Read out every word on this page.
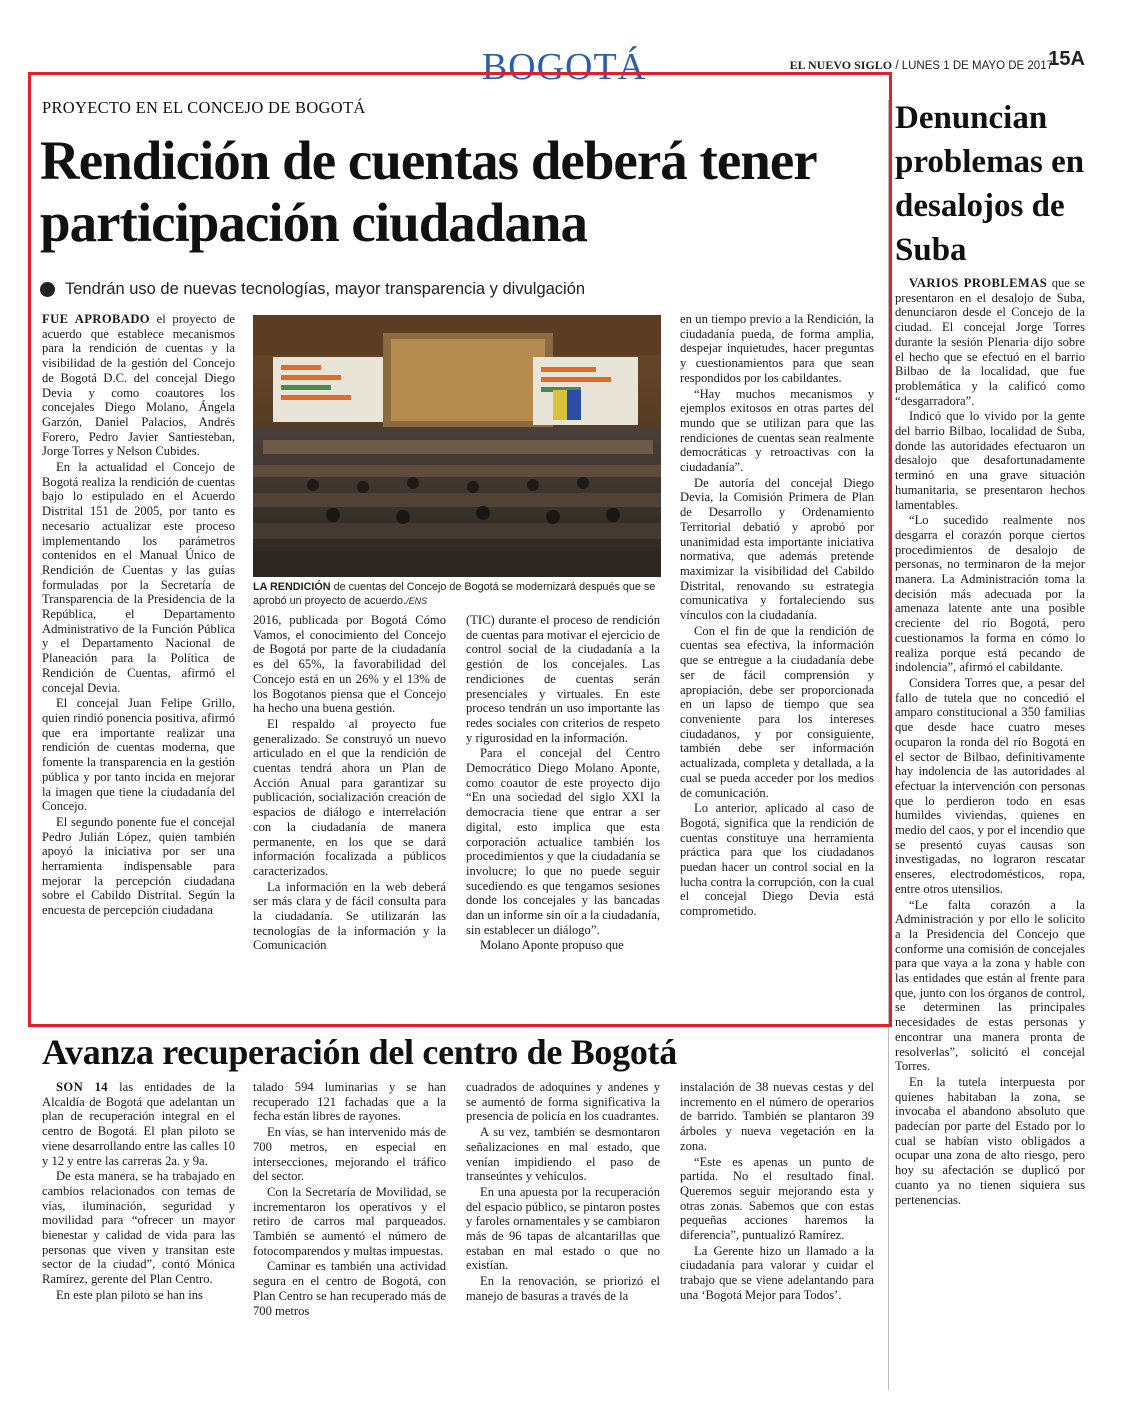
BOGOTÁ	EL NUEVO SIGLO / LUNES 1 DE MAYO DE 2017
15A
PROYECTO EN EL CONCEJO DE BOGOTÁ
Rendición de cuentas deberá tener participación ciudadana
Tendrán uso de nuevas tecnologías, mayor transparencia y divulgación

FUE APROBADO el proyecto de acuerdo que establece mecanismos para la rendición de cuentas y la visibilidad de la gestión del Concejo de Bogotá D.C. del concejal Diego Devia y como coautores los concejales Diego Molano, Ángela Garzón, Daniel Palacios, Andrés Forero, Pedro Javier Santiesteban, Jorge Torres y Nelson Cubides.

En la actualidad el Concejo de Bogotá realiza la rendición de cuentas bajo lo estipulado en el Acuerdo Distrital 151 de 2005, por tanto es necesario actualizar este proceso implementando los parámetros contenidos en el Manual Único de Rendición de Cuentas y las guías formuladas por la Secretaría de Transparencia de la Presidencia de la República, el Departamento Administrativo de la Función Pública y el Departamento Nacional de Planeación para la Política de Rendición de Cuentas, afirmó el concejal Devia.

El concejal Juan Felipe Grillo, quien rindió ponencia positiva, afirmó que era importante realizar una rendición de cuentas moderna, que fomente la transparencia en la gestión pública y por tanto incida en mejorar la imagen que tiene la ciudadanía del Concejo.

El segundo ponente fue el concejal Pedro Julián López, quien también apoyó la iniciativa por ser una herramienta indispensable para mejorar la percepción ciudadana sobre el Cabildo Distrital. Según la encuesta de percepción ciudadana

LA RENDICIÓN de cuentas del Concejo de Bogotá se modernizará después que se aprobó un proyecto de acuerdo./ENS

2016, publicada por Bogotá Cómo Vamos, el conocimiento del Concejo de Bogotá por parte de la ciudadanía es del 65%, la favorabilidad del Concejo está en un 26% y el 13% de los Bogotanos piensa que el Concejo ha hecho una buena gestión.

El respaldo al proyecto fue generalizado. Se construyó un nuevo articulado en el que la rendición de cuentas tendrá ahora un Plan de Acción Anual para garantizar su publicación, socialización creación de espacios de diálogo e interrelación con la ciudadanía de manera permanente, en los que se dará información focalizada a públicos caracterizados.

La información en la web deberá ser más clara y de fácil consulta para la ciudadanía. Se utilizarán las tecnologías de la información y la Comunicación

(TIC) durante el proceso de rendición de cuentas para motivar el ejercicio de control social de la ciudadanía a la gestión de los concejales. Las rendiciones de cuentas serán presenciales y virtuales. En este proceso tendrán un uso importante las redes sociales con criterios de respeto y rigurosidad en la información.

Para el concejal del Centro Democrático Diego Molano Aponte, como coautor de este proyecto dijo “En una sociedad del siglo XXI la democracia tiene que entrar a ser digital, esto implica que esta corporación actualice también los procedimientos y que la ciudadanía se involucre; lo que no puede seguir sucediendo es que tengamos sesiones donde los concejales y las bancadas dan un informe sin oír a la ciudadanía, sin establecer un diálogo”.

Molano Aponte propuso que

en un tiempo previo a la Rendición, la ciudadanía pueda, de forma amplia, despejar inquietudes, hacer preguntas y cuestionamientos para que sean respondidos por los cabildantes.

“Hay muchos mecanismos y ejemplos exitosos en otras partes del mundo que se utilizan para que las rendiciones de cuentas sean realmente democráticas y retroactivas con la ciudadanía”.

De autoría del concejal Diego Devia, la Comisión Primera de Plan de Desarrollo y Ordenamiento Territorial debatió y aprobó por unanimidad esta importante iniciativa normativa, que además pretende maximizar la visibilidad del Cabildo Distrital, renovando su estrategia comunicativa y fortaleciendo sus vínculos con la ciudadanía.

Con el fin de que la rendición de cuentas sea efectiva, la información que se entregue a la ciudadanía debe ser de fácil comprensión y apropiación, debe ser proporcionada en un lapso de tiempo que sea conveniente para los intereses ciudadanos, y por consiguiente, también debe ser información actualizada, completa y detallada, a la cual se pueda acceder por los medios de comunicación.

Lo anterior, aplicado al caso de Bogotá, significa que la rendición de cuentas constituye una herramienta práctica para que los ciudadanos puedan hacer un control social en la lucha contra la corrupción, con la cual el concejal Diego Devia está comprometido.

Denuncian problemas en desalojos de Suba

VARIOS PROBLEMAS que se presentaron en el desalojo de Suba, denunciaron desde el Concejo de la ciudad. El concejal Jorge Torres durante la sesión Plenaria dijo sobre el hecho que se efectuó en el barrio Bilbao de la localidad, que fue problemática y la calificó como “desgarradora”.

Indicó que lo vivido por la gente del barrio Bilbao, localidad de Suba, donde las autoridades efectuaron un desalojo que desafortunadamente terminó en una grave situación humanitaria, se presentaron hechos lamentables.

“Lo sucedido realmente nos desgarra el corazón porque ciertos procedimientos de desalojo de personas, no terminaron de la mejor manera. La Administración toma la decisión más adecuada por la amenaza latente ante una posible creciente del río Bogotá, pero cuestionamos la forma en cómo lo realiza porque está pecando de indolencia”, afirmó el cabildante.

Considera Torres que, a pesar del fallo de tutela que no concedió el amparo constitucional a 350 familias que desde hace cuatro meses ocuparon la ronda del río Bogotá en el sector de Bilbao, definitivamente hay indolencia de las autoridades al efectuar la intervención con personas que lo perdieron todo en esas humildes viviendas, quienes en medio del caos, y por el incendio que se presentó cuyas causas son investigadas, no lograron rescatar enseres, electrodomésticos, ropa, entre otros utensilios.

“Le falta corazón a la Administración y por ello le solicito a la Presidencia del Concejo que conforme una comisión de concejales para que vaya a la zona y hable con las entidades que están al frente para que, junto con los órganos de control, se determinen las principales necesidades de estas personas y encontrar una manera pronta de resolverlas”, solicitó el concejal Torres.

En la tutela interpuesta por quienes habitaban la zona, se invocaba el abandono absoluto que padecían por parte del Estado por lo cual se habían visto obligados a ocupar una zona de alto riesgo, pero hoy su afectación se duplicó por cuanto ya no tienen siquiera sus pertenencias.

Avanza recuperación del centro de Bogotá

SON 14 las entidades de la Alcaldía de Bogotá que adelantan un plan de recuperación integral en el centro de Bogotá. El plan piloto se viene desarrollando entre las calles 10 y 12 y entre las carreras 2a. y 9a.

De esta manera, se ha trabajado en cambios relacionados con temas de vías, iluminación, seguridad y movilidad para “ofrecer un mayor bienestar y calidad de vida para las personas que viven y transitan este sector de la ciudad”, contó Mónica Ramírez, gerente del Plan Centro.

En este plan piloto se han ins

talado 594 luminarias y se han recuperado 121 fachadas que a la fecha están libres de rayones.

En vías, se han intervenido más de 700 metros, en especial en intersecciones, mejorando el tráfico del sector.

Con la Secretaría de Movilidad, se incrementaron los operativos y el retiro de carros mal parqueados. También se aumentó el número de fotocomparendos y multas impuestas.

Caminar es también una actividad segura en el centro de Bogotá, con Plan Centro se han recuperado más de 700 metros

cuadrados de adoquines y andenes y se aumentó de forma significativa la presencia de policía en los cuadrantes.

A su vez, también se desmontaron señalizaciones en mal estado, que venían impidiendo el paso de transeúntes y vehículos.

En una apuesta por la recuperación del espacio público, se pintaron postes y faroles ornamentales y se cambiaron más de 96 tapas de alcantarillas que estaban en mal estado o que no existían.

En la renovación, se priorizó el manejo de basuras a través de la

instalación de 38 nuevas cestas y del incremento en el número de operarios de barrido. También se plantaron 39 árboles y nueva vegetación en la zona.

“Este es apenas un punto de partida. No el resultado final. Queremos seguir mejorando esta y otras zonas. Sabemos que con estas pequeñas acciones haremos la diferencia”, puntualizó Ramírez.

La Gerente hizo un llamado a la ciudadanía para valorar y cuidar el trabajo que se viene adelantando para una ‘Bogotá Mejor para Todos’.
